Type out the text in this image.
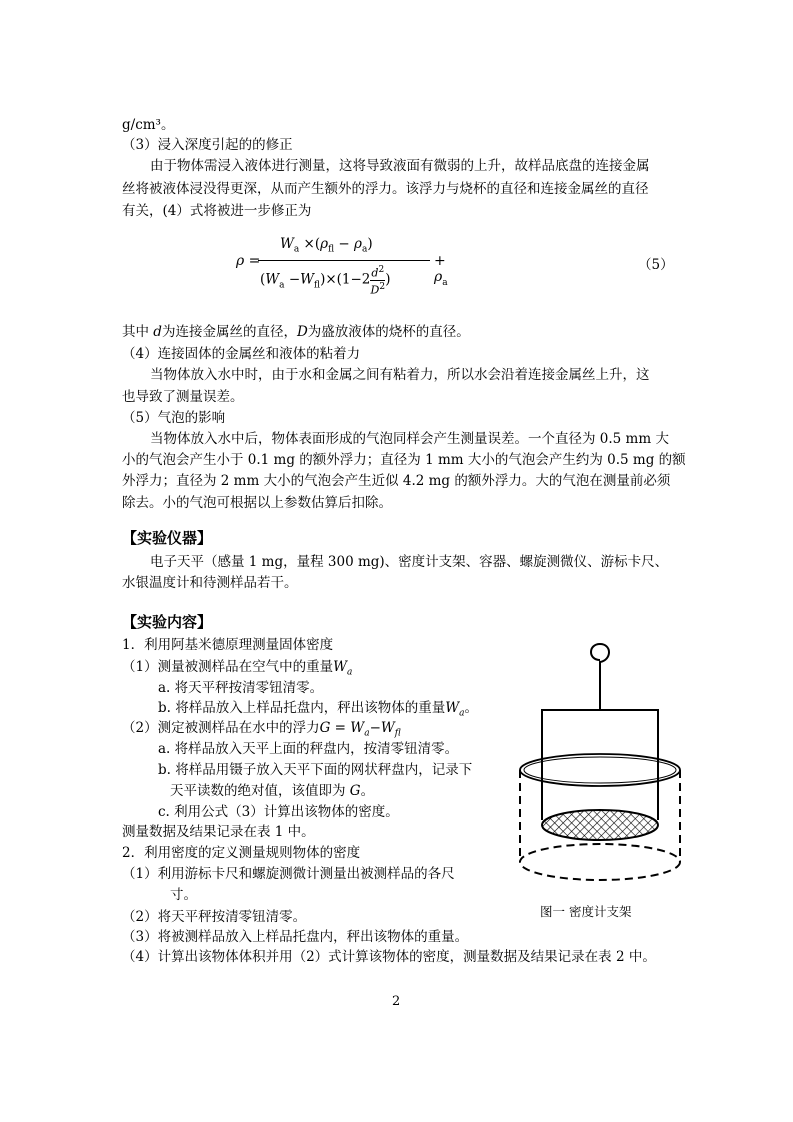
g/cm³。
（3）浸入深度引起的的修正
由于物体需浸入液体进行测量，这将导致液面有微弱的上升，故样品底盘的连接金属
丝将被液体浸没得更深，从而产生额外的浮力。该浮力与烧杯的直径和连接金属丝的直径
有关，(4）式将被进一步修正为
ρ =
$W_a \times(\rho_{fl} - \rho_a)$
$(W_a -W_{fl})\times(1-2 \frac{d^2}{D^2}$ )
+ $\rho_a$
（5）
其中 d为连接金属丝的直径，D为盛放液体的烧杯的直径。
（4）连接固体的金属丝和液体的粘着力
当物体放入水中时，由于水和金属之间有粘着力，所以水会沿着连接金属丝上升，这
也导致了测量误差。
（5）气泡的影响
当物体放入水中后，物体表面形成的气泡同样会产生测量误差。一个直径为 0.5 mm 大
小的气泡会产生小于 0.1 mg 的额外浮力；直径为 1 mm 大小的气泡会产生约为 0.5 mg 的额
外浮力；直径为 2 mm 大小的气泡会产生近似 4.2 mg 的额外浮力。大的气泡在测量前必须
除去。小的气泡可根据以上参数估算后扣除。
【实验仪器】
电子天平（感量 1 mg，量程 300 mg)、密度计支架、容器、螺旋测微仪、游标卡尺、
水银温度计和待测样品若干。
【实验内容】
1．利用阿基米德原理测量固体密度
（1）测量被测样品在空气中的重量$W_a$
a. 将天平秤按清零钮清零。
b. 将样品放入上样品托盘内，秤出该物体的重量$W_a$。
（2）测定被测样品在水中的浮力$G = W_a-W_{fl}$
a. 将样品放入天平上面的秤盘内，按清零钮清零。
b. 将样品用镊子放入天平下面的网状秤盘内，记录下
天平读数的绝对值，该值即为 G。
c. 利用公式（3）计算出该物体的密度。
测量数据及结果记录在表 1 中。
2．利用密度的定义测量规则物体的密度
（1）利用游标卡尺和螺旋测微计测量出被测样品的各尺
寸。
（2）将天平秤按清零钮清零。
（3）将被测样品放入上样品托盘内，秤出该物体的重量。
（4）计算出该物体体积并用（2）式计算该物体的密度，测量数据及结果记录在表 2 中。
图一 密度计支架
2
